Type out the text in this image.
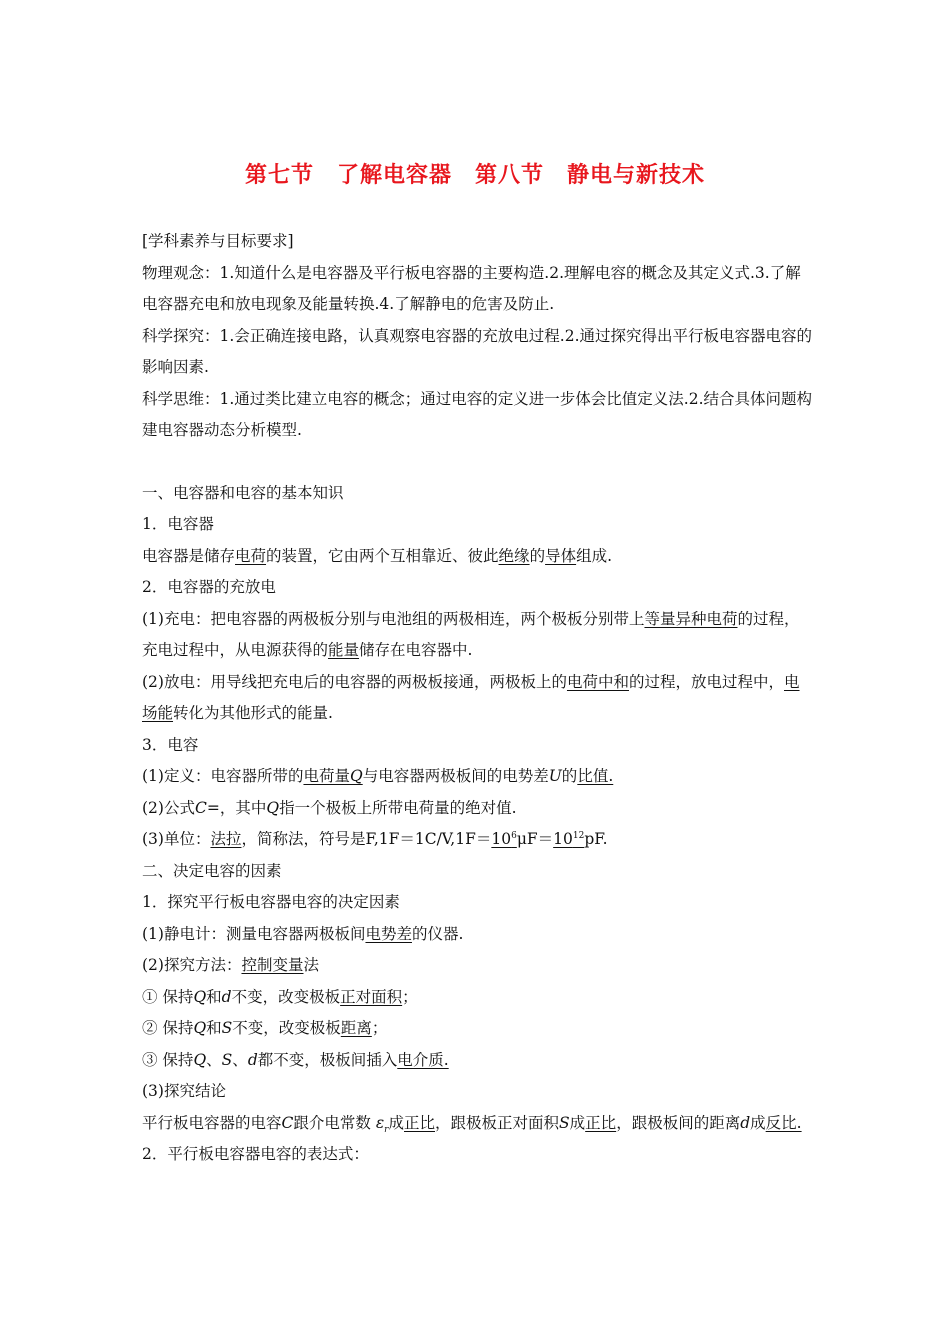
第七节　了解电容器　第八节　静电与新技术

[学科素养与目标要求]

物理观念：1.知道什么是电容器及平行板电容器的主要构造.2.理解电容的概念及其定义式.3.了解电容器充电和放电现象及能量转换.4.了解静电的危害及防止.

科学探究：1.会正确连接电路，认真观察电容器的充放电过程.2.通过探究得出平行板电容器电容的影响因素.

科学思维：1.通过类比建立电容的概念；通过电容的定义进一步体会比值定义法.2.结合具体问题构建电容器动态分析模型.

一、电容器和电容的基本知识

1．电容器

电容器是储存电荷的装置，它由两个互相靠近、彼此绝缘的导体组成.

2．电容器的充放电

(1)充电：把电容器的两极板分别与电池组的两极相连，两个极板分别带上等量异种电荷的过程，充电过程中，从电源获得的能量储存在电容器中.

(2)放电：用导线把充电后的电容器的两极板接通，两极板上的电荷中和的过程，放电过程中，电场能转化为其他形式的能量.

3．电容

(1)定义：电容器所带的电荷量Q与电容器两极板间的电势差U的比值.

(2)公式C=，其中Q指一个极板上所带电荷量的绝对值.

(3)单位：法拉，简称法，符号是$F,1F=1C/V,1F=10^6\mu F=10^{12}pF$.

二、决定电容的因素

1．探究平行板电容器电容的决定因素

(1)静电计：测量电容器两极板间电势差的仪器.

(2)探究方法：控制变量法

① 保持Q和d不变，改变极板正对面积；

② 保持Q和S不变，改变极板距离；

③ 保持Q、S、d都不变，极板间插入电介质.

(3)探究结论

平行板电容器的电容C跟介电常数 $\varepsilon_r$成正比，跟极板正对面积S成正比，跟极板间的距离d成反比.

2．平行板电容器电容的表达式：
